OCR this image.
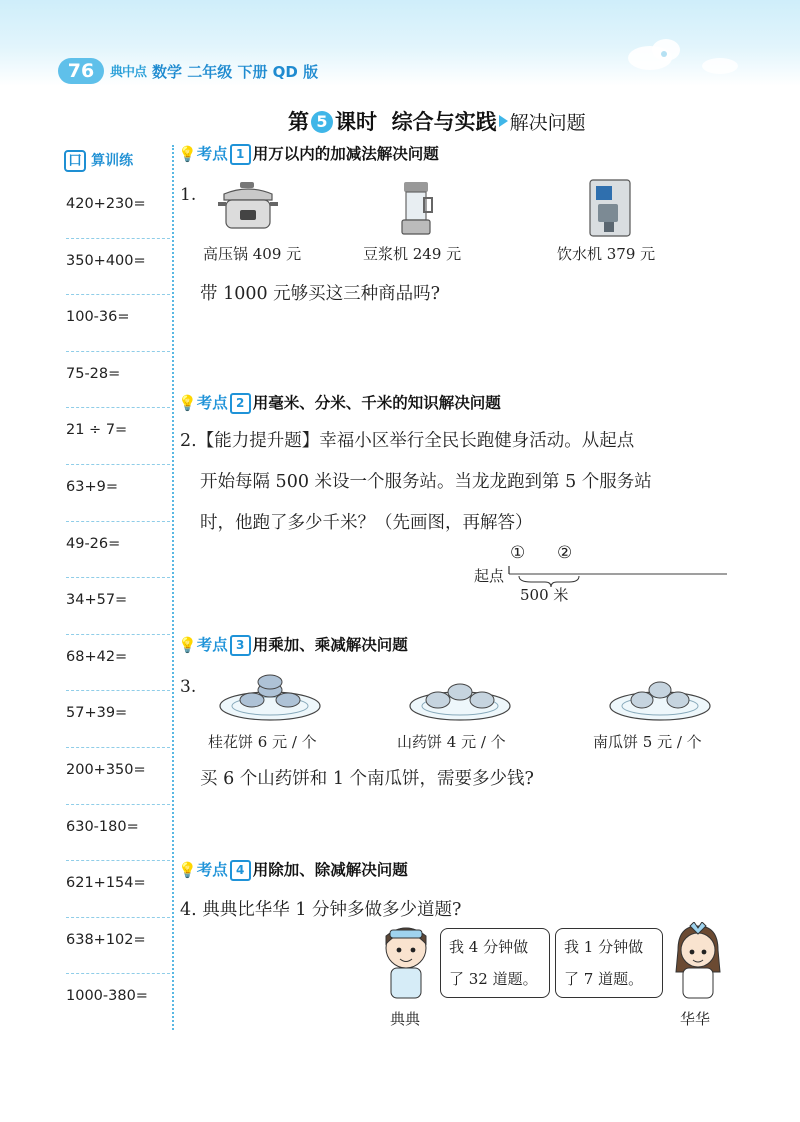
76	典中点 数学 二年级 下册 QD 版
第 5 课时 综合与实践 解决问题
口 算训练
420+230=
350+400=
100-36=
75-28=
21 ÷ 7=
63+9=
49-26=
34+57=
68+42=
57+39=
200+350=
630-180=
621+154=
638+102=
1000-380=
💡考点 1 用万以内的加减法解决问题
1.
高压锅 409 元	豆浆机 249 元	饮水机 379 元
带 1000 元够买这三种商品吗?
💡考点 2 用毫米、分米、千米的知识解决问题
2.【能力提升题】幸福小区举行全民长跑健身活动。从起点
开始每隔 500 米设一个服务站。当龙龙跑到第 5 个服务站
时，他跑了多少千米？（先画图，再解答）
起点
① ②
500 米
💡考点 3 用乘加、乘减解决问题
3.
桂花饼 6 元 / 个	山药饼 4 元 / 个	南瓜饼 5 元 / 个
买 6 个山药饼和 1 个南瓜饼，需要多少钱?
💡考点 4 用除加、除减解决问题
4. 典典比华华 1 分钟多做多少道题?
我 4 分钟做
了 32 道题。
我 1 分钟做
了 7 道题。
典典	华华
